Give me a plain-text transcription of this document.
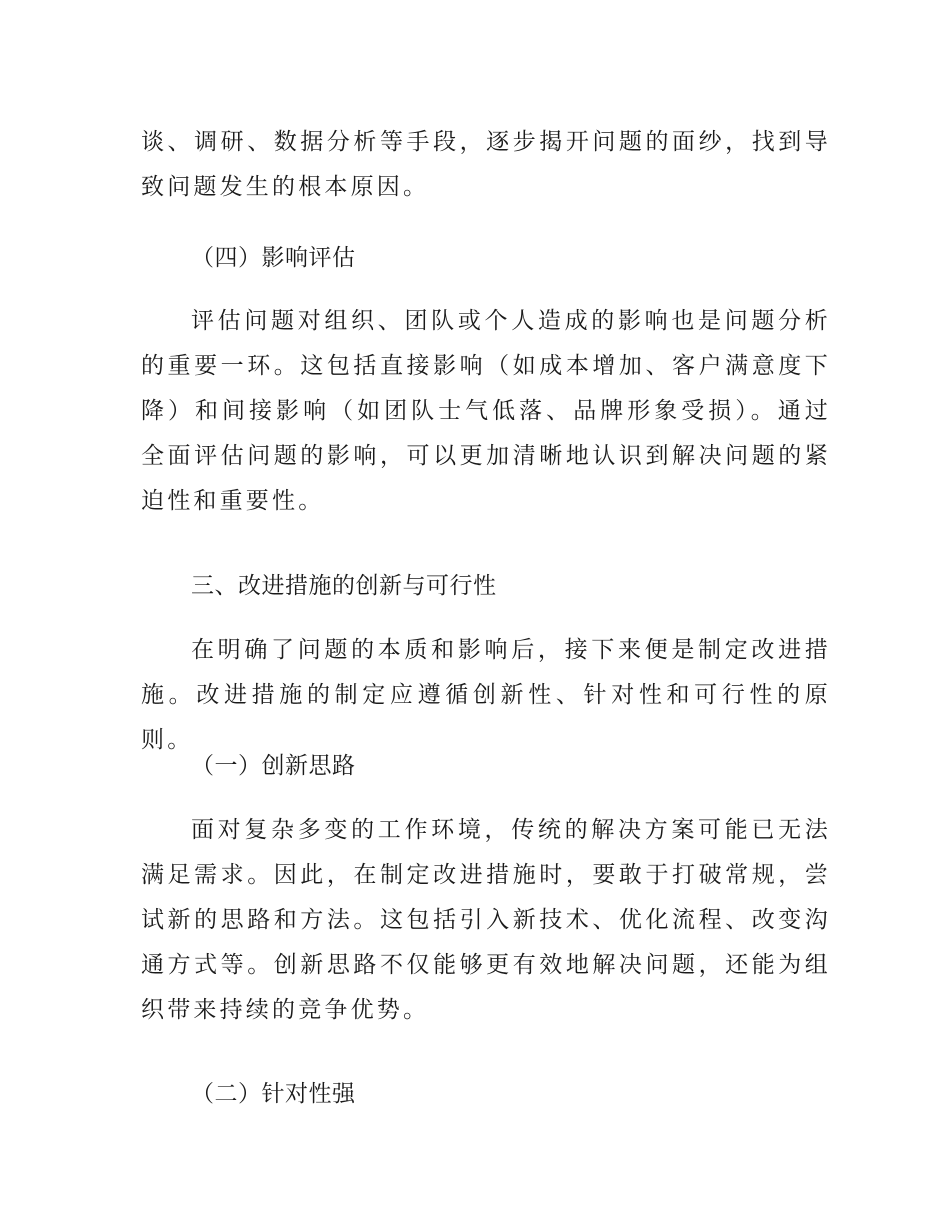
谈、调研、数据分析等手段，逐步揭开问题的面纱，找到导致问题发生的根本原因。

（四）影响评估

评估问题对组织、团队或个人造成的影响也是问题分析的重要一环。这包括直接影响（如成本增加、客户满意度下降）和间接影响（如团队士气低落、品牌形象受损）。通过全面评估问题的影响，可以更加清晰地认识到解决问题的紧迫性和重要性。

三、改进措施的创新与可行性

在明确了问题的本质和影响后，接下来便是制定改进措施。改进措施的制定应遵循创新性、针对性和可行性的原则。

（一）创新思路

面对复杂多变的工作环境，传统的解决方案可能已无法满足需求。因此，在制定改进措施时，要敢于打破常规，尝试新的思路和方法。这包括引入新技术、优化流程、改变沟通方式等。创新思路不仅能够更有效地解决问题，还能为组织带来持续的竞争优势。

（二）针对性强
